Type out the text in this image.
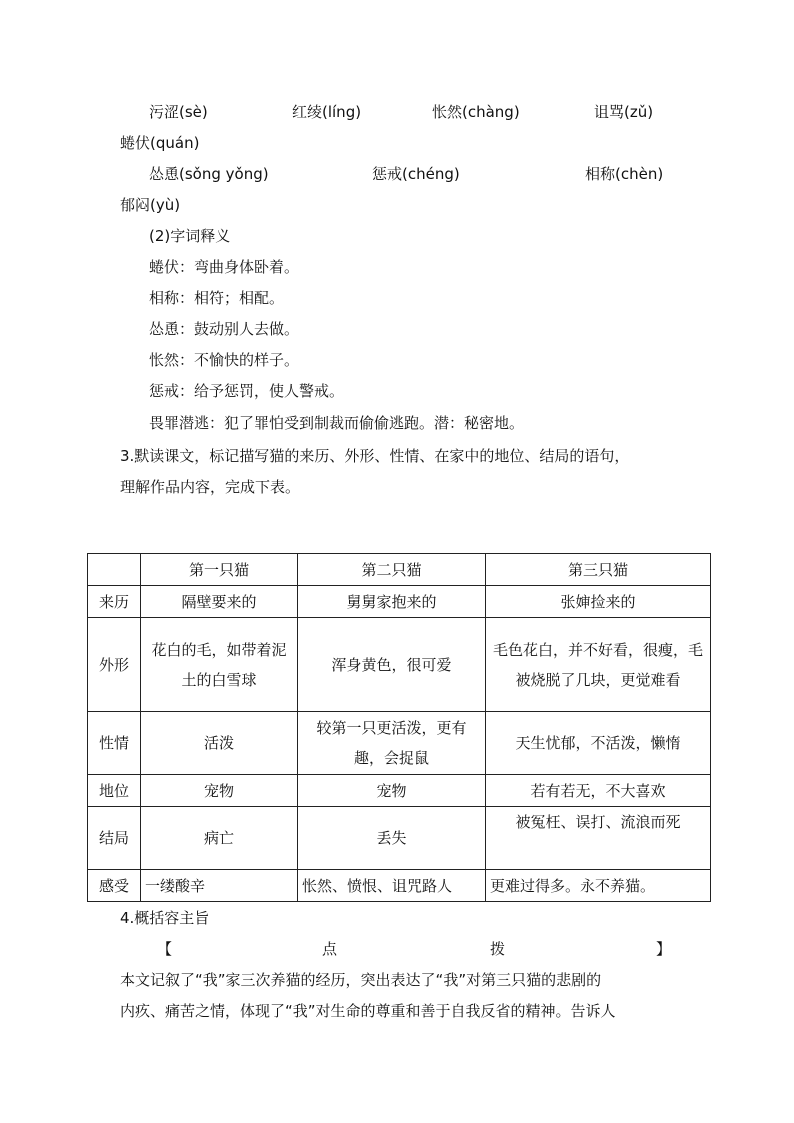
污涩(sè)	红绫(líng)	怅然(chàng)	诅骂(zǔ)
蜷伏(quán)
怂恿(sǒng yǒng)	惩戒(chéng)	相称(chèn)
郁闷(yù)
(2)字词释义
蜷伏：弯曲身体卧着。
相称：相符；相配。
怂恿：鼓动别人去做。
怅然：不愉快的样子。
惩戒：给予惩罚，使人警戒。
畏罪潜逃：犯了罪怕受到制裁而偷偷逃跑。潜：秘密地。
3.默读课文，标记描写猫的来历、外形、性情、在家中的地位、结局的语句，
理解作品内容，完成下表。
	第一只猫	第二只猫	第三只猫
来历	隔壁要来的	舅舅家抱来的	张婶捡来的
外形	花白的毛，如带着泥土的白雪球	浑身黄色，很可爱	毛色花白，并不好看，很瘦，毛被烧脱了几块，更觉难看
性情	活泼	较第一只更活泼，更有趣，会捉鼠	天生忧郁，不活泼，懒惰
地位	宠物	宠物	若有若无，不大喜欢
结局	病亡	丢失	被冤枉、误打、流浪而死
感受	一缕酸辛	怅然、愤恨、诅咒路人	更难过得多。永不养猫。
4.概括容主旨
【	点	拨	】
本文记叙了“我”家三次养猫的经历，突出表达了“我”对第三只猫的悲剧的
内疚、痛苦之情，体现了“我”对生命的尊重和善于自我反省的精神。告诉人
